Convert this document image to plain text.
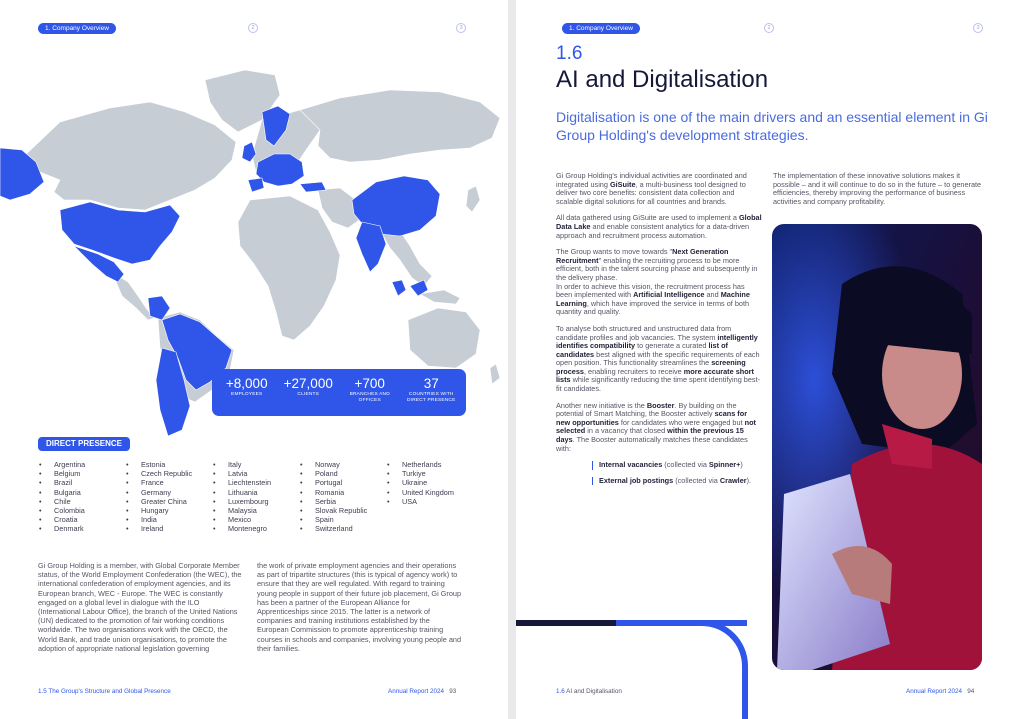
1. Company Overview	2	3
+8,000
EMPLOYEES
+27,000
CLIENTS
+700
BRANCHES AND OFFICES
37
COUNTRIES WITH DIRECT PRESENCE
DIRECT PRESENCE
• Argentina
• Belgium
• Brazil
• Bulgaria
• Chile
• Colombia
• Croatia
• Denmark
• Estonia
• Czech Republic
• France
• Germany
• Greater China
• Hungary
• India
• Ireland
• Italy
• Latvia
• Liechtenstein
• Lithuania
• Luxembourg
• Malaysia
• Mexico
• Montenegro
• Norway
• Poland
• Portugal
• Romania
• Serbia
• Slovak Republic
• Spain
• Switzerland
• Netherlands
• Turkiye
• Ukraine
• United Kingdom
• USA
Gi Group Holding is a member, with Global Corporate Member status, of the World Employment Confederation (the WEC), the international confederation of employment agencies, and its European branch, WEC - Europe. The WEC is constantly engaged on a global level in dialogue with the ILO (International Labour Office), the branch of the United Nations (UN) dedicated to the promotion of fair working conditions worldwide. The two organisations work with the OECD, the World Bank, and trade union organisations, to promote the adoption of appropriate national legislation governing
the work of private employment agencies and their operations as part of tripartite structures (this is typical of agency work) to ensure that they are well regulated. With regard to training young people in support of their future job placement, Gi Group has been a partner of the European Alliance for Apprenticeships since 2015. The latter is a network of companies and training institutions established by the European Commission to promote apprenticeship training courses in schools and companies, involving young people and their families.
1.5 The Group's Structure and Global Presence	Annual Report 2024 93
1. Company Overview	2	3
1.6
AI and Digitalisation
Digitalisation is one of the main drivers and an essential element in Gi Group Holding's development strategies.

Gi Group Holding's individual activities are coordinated and integrated using GiSuite, a multi-business tool designed to deliver two core benefits: consistent data collection and scalable digital solutions for all countries and brands.

All data gathered using GiSuite are used to implement a Global Data Lake and enable consistent analytics for a data-driven approach and recruitment process automation.

The Group wants to move towards "Next Generation Recruitment" enabling the recruiting process to be more efficient, both in the talent sourcing phase and subsequently in the delivery phase.
In order to achieve this vision, the recruitment process has been implemented with Artificial Intelligence and Machine Learning, which have improved the service in terms of both quantity and quality.

To analyse both structured and unstructured data from candidate profiles and job vacancies. The system intelligently identifies compatibility to generate a curated list of candidates best aligned with the specific requirements of each open position. This functionality streamlines the screening process, enabling recruiters to receive more accurate short lists while significantly reducing the time spent identifying best-fit candidates.

Another new initiative is the Booster. By building on the potential of Smart Matching, the Booster actively scans for new opportunities for candidates who were engaged but not selected in a vacancy that closed within the previous 15 days. The Booster automatically matches these candidates with:

Internal vacancies (collected via Spinner+)
External job postings (collected via Crawler).

The implementation of these innovative solutions makes it possible – and it will continue to do so in the future – to generate efficiencies, thereby improving the performance of business activities and company profitability.

1.6 AI and Digitalisation	Annual Report 2024 94
